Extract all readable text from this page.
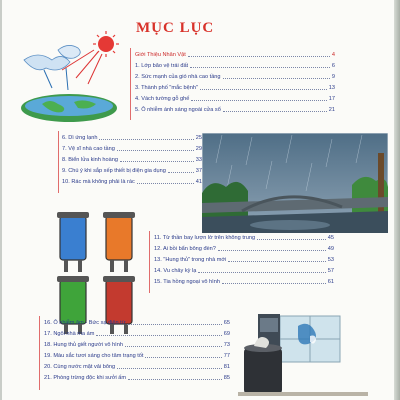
MỤC LỤC
Giới Thiệu Nhân Vật	4
1. Lớp băo vệ trái đất	6
2. Sức mạnh của gió nhà cao tầng	9
3. Thành phố "mắc bệnh"	13
4. Vách tường gỗ ghế	17
5. Ô nhiễm ánh sáng ngoài cửa sổ	21
6. Dì ứng lạnh	25
7. Vệ sĩ nhà cao tầng	29
8. Biển lửa kinh hoàng	33
9. Chú ý khi sắp xếp thiết bị điện gia dụng	37
10. Rác mà không phải là rác	41
11. Từ thần bay lượn lờ trên không trung	45
12. Ai bồi bẩn bông đèn?	49
13. "Hung thủ" trong nhà mới	53
14. Vu chảy kỳ lạ	57
15. Tia hồng ngoại vô hình	61
16. Ô nhiễm âm - Bức xạ điện từ	65
17. Ngôi nhà ma ám	69
18. Hung thủ giết người vô hình	73
19. Màu sắc tươi sáng cho tâm trạng tốt	77
20. Cùng nước mặt vải bông	81
21. Phòng trừng độc khi sưởi ấm	85
